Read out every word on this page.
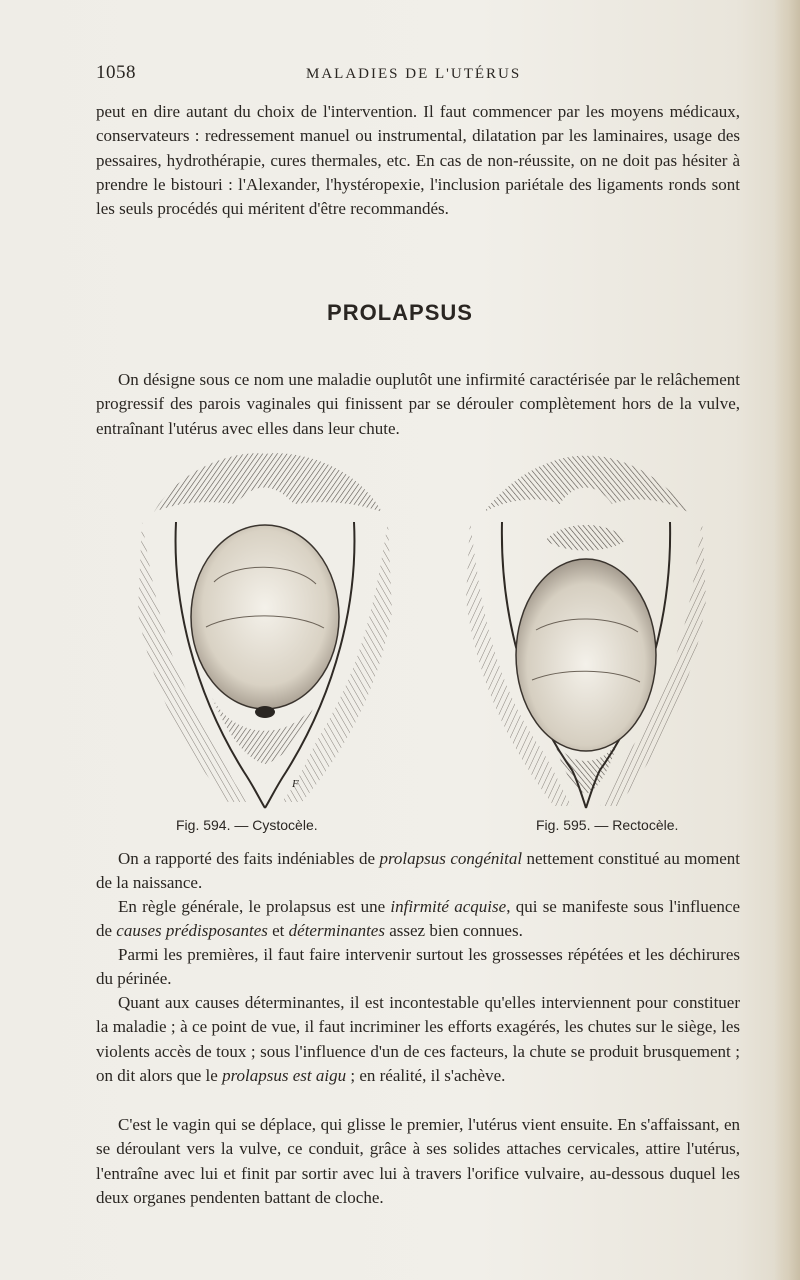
1058	MALADIES DE L'UTÉRUS

peut en dire autant du choix de l'intervention. Il faut commencer par les moyens médicaux, conservateurs : redressement manuel ou instrumental, dilatation par les laminaires, usage des pessaires, hydrothérapie, cures thermales, etc. En cas de non-réussite, on ne doit pas hésiter à prendre le bistouri : l'Alexander, l'hystéropexie, l'inclusion pariétale des ligaments ronds sont les seuls procédés qui méritent d'être recommandés.

PROLAPSUS

On désigne sous ce nom une maladie ouplutôt une infirmité caractérisée par le relâchement progressif des parois vaginales qui finissent par se dérouler complètement hors de la vulve, entraînant l'utérus avec elles dans leur chute.

F
Fig. 594. — Cystocèle.	Fig. 595. — Rectocèle.

On a rapporté des faits indéniables de prolapsus congénital nettement constitué au moment de la naissance.

En règle générale, le prolapsus est une infirmité acquise, qui se manifeste sous l'influence de causes prédisposantes et déterminantes assez bien connues.

Parmi les premières, il faut faire intervenir surtout les grossesses répétées et les déchirures du périnée.

Quant aux causes déterminantes, il est incontestable qu'elles interviennent pour constituer la maladie ; à ce point de vue, il faut incriminer les efforts exagérés, les chutes sur le siège, les violents accès de toux ; sous l'influence d'un de ces facteurs, la chute se produit brusquement ; on dit alors que le prolapsus est aigu ; en réalité, il s'achève.

C'est le vagin qui se déplace, qui glisse le premier, l'utérus vient ensuite. En s'affaissant, en se déroulant vers la vulve, ce conduit, grâce à ses solides attaches cervicales, attire l'utérus, l'entraîne avec lui et finit par sortir avec lui à travers l'orifice vulvaire, au-dessous duquel les deux organes pendenten battant de cloche.
